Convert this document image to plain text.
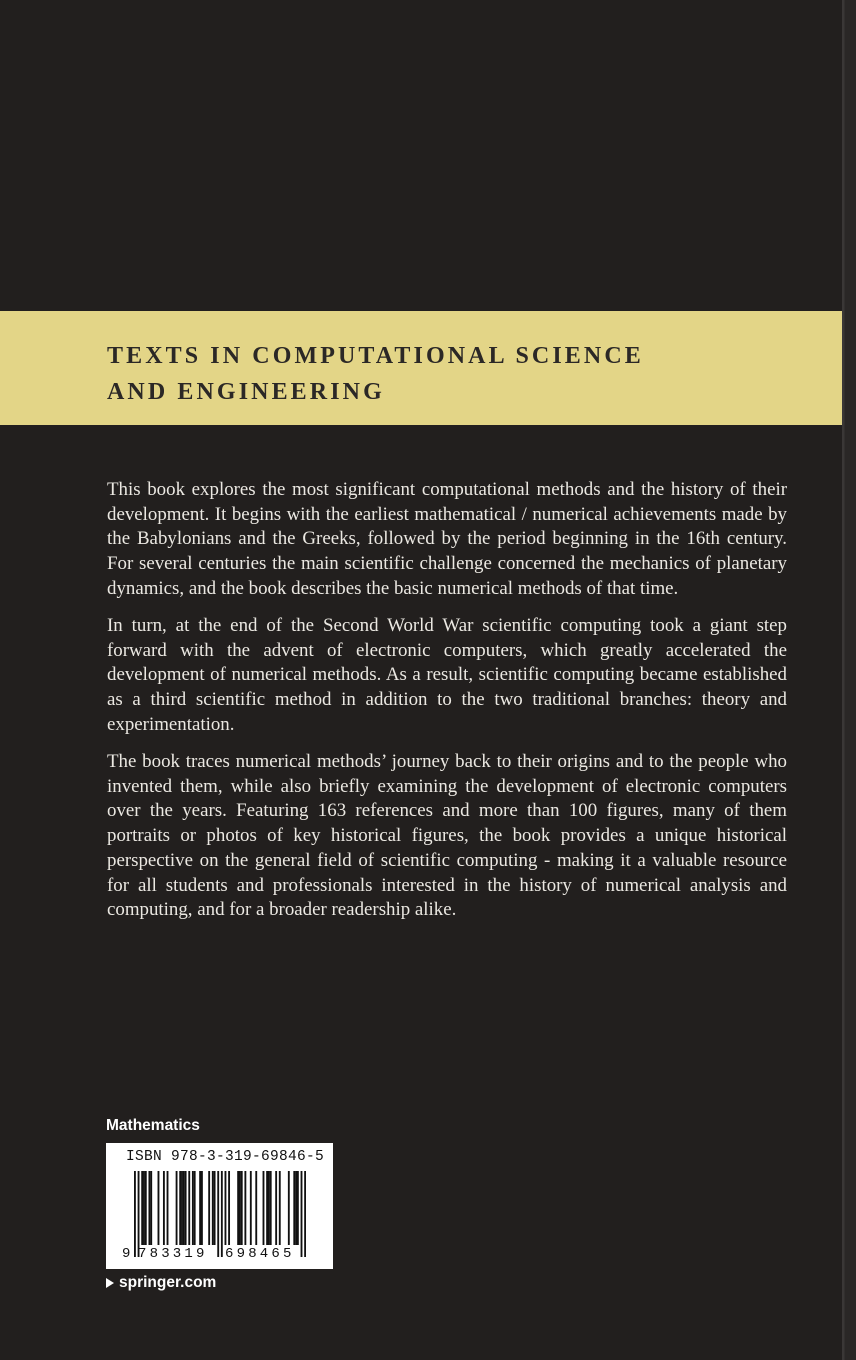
TEXTS IN COMPUTATIONAL SCIENCE
AND ENGINEERING

This book explores the most significant computational methods and the history of their development. It begins with the earliest mathematical / numerical achievements made by the Babylonians and the Greeks, followed by the period beginning in the 16th century. For several centuries the main scientific challenge concerned the mechanics of planetary dynamics, and the book describes the basic numerical methods of that time.

In turn, at the end of the Second World War scientific computing took a giant step forward with the advent of electronic computers, which greatly accelerated the development of numerical methods. As a result, scientific computing became established as a third scientific method in addition to the two traditional branches: theory and experimentation.

The book traces numerical methods’ journey back to their origins and to the people who invented them, while also briefly examining the development of electronic computers over the years. Featuring 163 references and more than 100 figures, many of them portraits or photos of key historical figures, the book provides a unique historical perspective on the general field of scientific computing - making it a valuable resource for all students and professionals interested in the history of numerical analysis and computing, and for a broader readership alike.

Mathematics
ISBN 978-3-319-69846-5
9 783319 698465
springer.com
